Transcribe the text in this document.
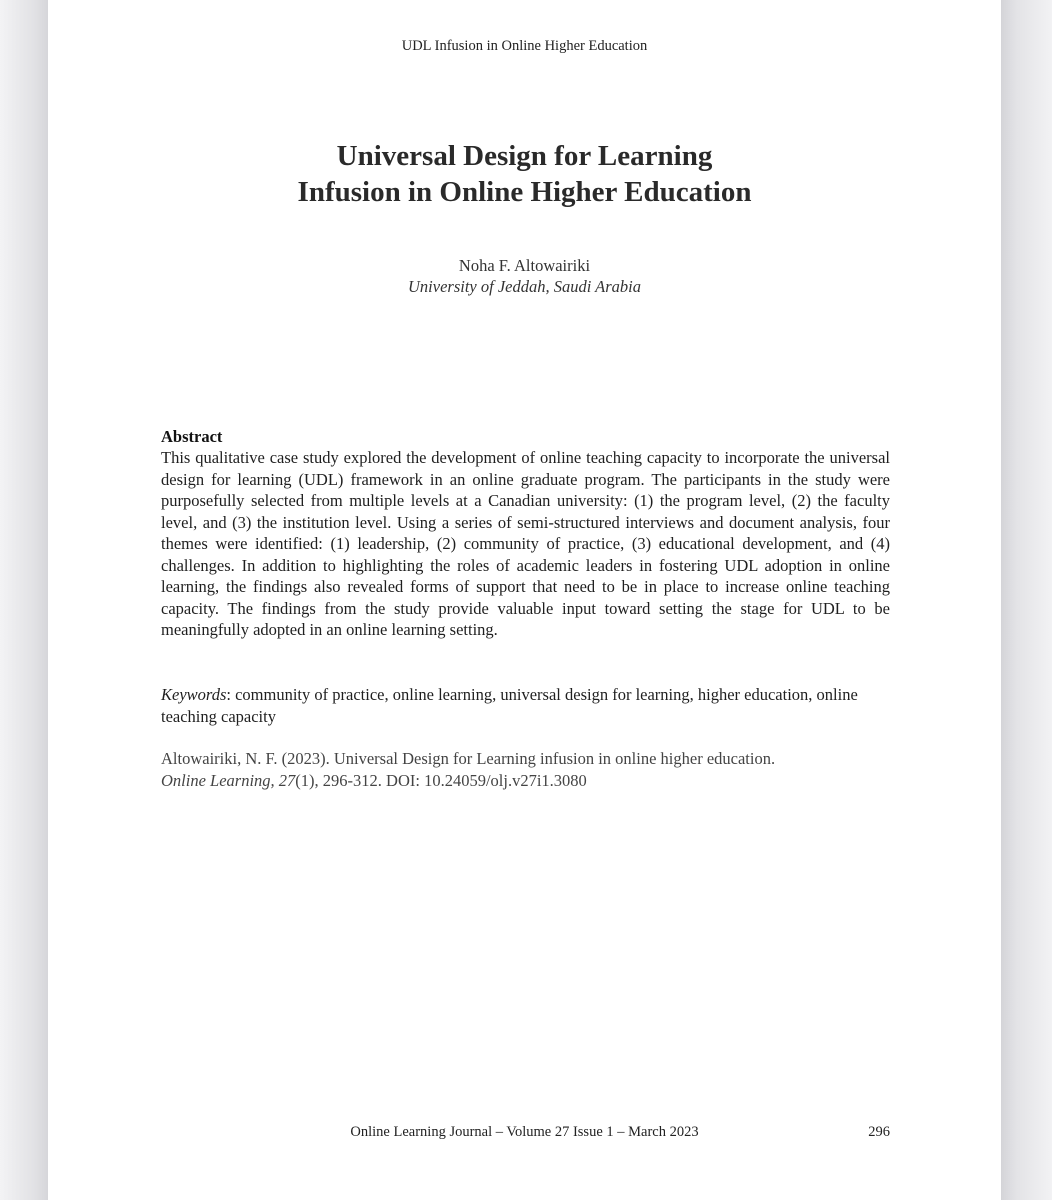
UDL Infusion in Online Higher Education
Universal Design for Learning
Infusion in Online Higher Education
Noha F. Altowairiki
University of Jeddah, Saudi Arabia
Abstract
This qualitative case study explored the development of online teaching capacity to incorporate the universal design for learning (UDL) framework in an online graduate program. The participants in the study were purposefully selected from multiple levels at a Canadian university: (1) the program level, (2) the faculty level, and (3) the institution level. Using a series of semi-structured interviews and document analysis, four themes were identified: (1) leadership, (2) community of practice, (3) educational development, and (4) challenges. In addition to highlighting the roles of academic leaders in fostering UDL adoption in online learning, the findings also revealed forms of support that need to be in place to increase online teaching capacity. The findings from the study provide valuable input toward setting the stage for UDL to be meaningfully adopted in an online learning setting.
Keywords: community of practice, online learning, universal design for learning, higher education, online teaching capacity
Altowairiki, N. F. (2023). Universal Design for Learning infusion in online higher education.
Online Learning, 27(1), 296-312. DOI: 10.24059/olj.v27i1.3080
Online Learning Journal – Volume 27 Issue 1 – March 2023	296
